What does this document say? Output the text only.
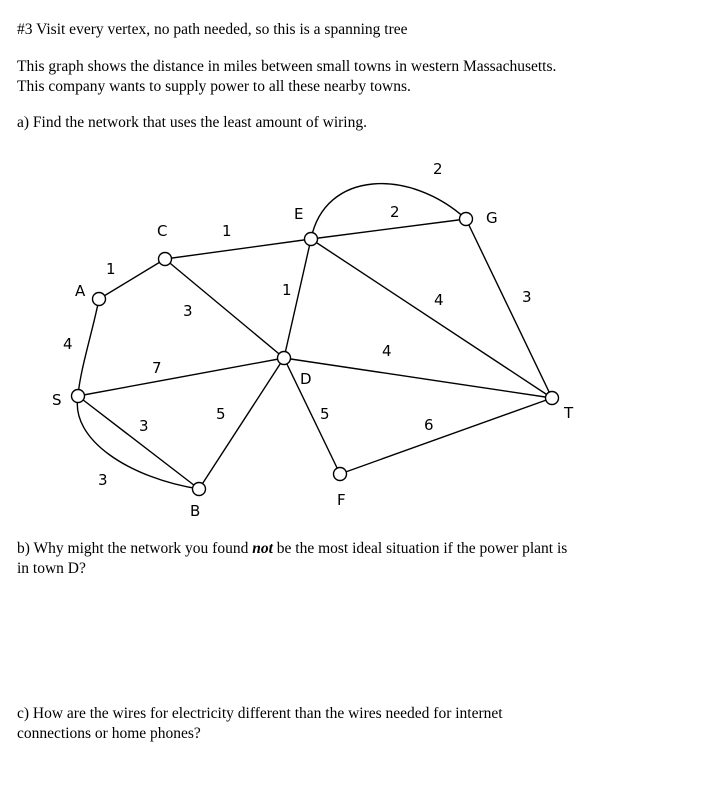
#3 Visit every vertex, no path needed, so this is a spanning tree
This graph shows the distance in miles between small towns in western Massachusetts.
This company wants to supply power to all these nearby towns.
a) Find the network that uses the least amount of wiring.
A
C
E	G
D
S
T
B
F
1
1
2
2
3
1
4
3
4
7
4
3
3
5	5
6
b) Why might the network you found not be the most ideal situation if the power plant is
in town D?
c) How are the wires for electricity different than the wires needed for internet
connections or home phones?
